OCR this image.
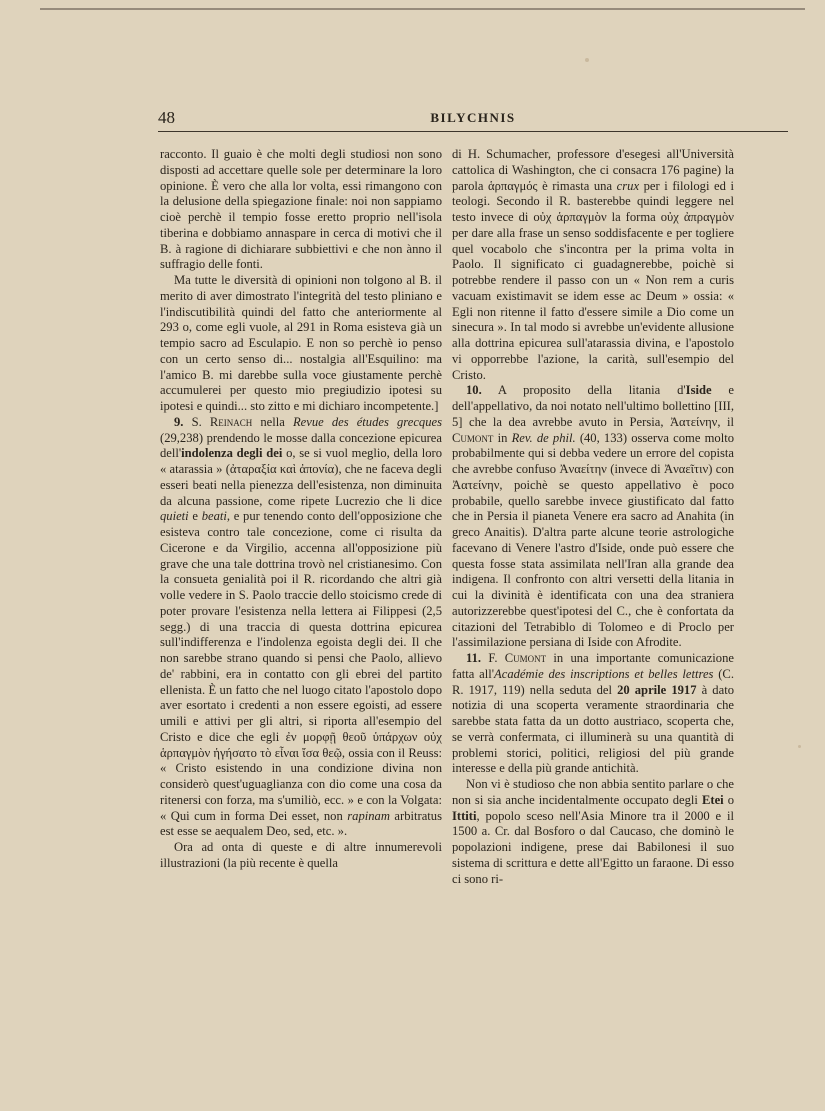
48	BILYCHNIS

racconto. Il guaio è che molti degli studiosi non sono disposti ad accettare quelle sole per determinare la loro opinione. È vero che alla lor volta, essi rimangono con la delusione della spiegazione finale: noi non sappiamo cioè perchè il tempio fosse eretto proprio nell'isola tiberina e dobbiamo annaspare in cerca di motivi che il B. à ragione di dichiarare subbiettivi e che non ànno il suffragio delle fonti.

Ma tutte le diversità di opinioni non tolgono al B. il merito di aver dimostrato l'integrità del testo pliniano e l'indiscutibilità quindi del fatto che anteriormente al 293 o, come egli vuole, al 291 in Roma esisteva già un tempio sacro ad Esculapio. E non so perchè io penso con un certo senso di... nostalgia all'Esquilino: ma l'amico B. mi darebbe sulla voce giustamente perchè accumulerei per questo mio pregiudizio ipotesi su ipotesi e quindi... sto zitto e mi dichiaro incompetente.]

9. S. Reinach nella Revue des études grecques (29,238) prendendo le mosse dalla concezione epicurea dell'indolenza degli dei o, se si vuol meglio, della loro « atarassia » (ἀταραξία καὶ ἀπονία), che ne faceva degli esseri beati nella pienezza dell'esistenza, non diminuita da alcuna passione, come ripete Lucrezio che li dice quieti e beati, e pur tenendo conto dell'opposizione che esisteva contro tale concezione, come ci risulta da Cicerone e da Virgilio, accenna all'opposizione più grave che una tale dottrina trovò nel cristianesimo. Con la consueta genialità poi il R. ricordando che altri già volle vedere in S. Paolo traccie dello stoicismo crede di poter provare l'esistenza nella lettera ai Filippesi (2,5 segg.) di una traccia di questa dottrina epicurea sull'indifferenza e l'indolenza egoista degli dei. Il che non sarebbe strano quando si pensi che Paolo, allievo de' rabbini, era in contatto con gli ebrei del partito ellenista. È un fatto che nel luogo citato l'apostolo dopo aver esortato i credenti a non essere egoisti, ad essere umili e attivi per gli altri, si riporta all'esempio del Cristo e dice che egli ἐν μορφῇ θεοῦ ὑπάρχων οὐχ ἁρπαγμὸν ἡγήσατο τὸ εἶναι ἴσα θεῷ, ossia con il Reuss: « Cristo esistendo in una condizione divina non considerò quest'uguaglianza con dio come una cosa da ritenersi con forza, ma s'umiliò, ecc. » e con la Volgata: « Qui cum in forma Dei esset, non rapinam arbitratus est esse se aequalem Deo, sed, etc. ».

Ora ad onta di queste e di altre innumerevoli illustrazioni (la più recente è quella

di H. Schumacher, professore d'esegesi all'Università cattolica di Washington, che ci consacra 176 pagine) la parola ἁρπαγμός è rimasta una crux per i filologi ed i teologi. Secondo il R. basterebbe quindi leggere nel testo invece di οὐχ ἁρπαγμὸν la forma οὐχ ἀπραγμὸν per dare alla frase un senso soddisfacente e per togliere quel vocabolo che s'incontra per la prima volta in Paolo. Il significato ci guadagnerebbe, poichè si potrebbe rendere il passo con un « Non rem a curis vacuam existimavit se idem esse ac Deum » ossia: « Egli non ritenne il fatto d'essere simile a Dio come un sinecura ». In tal modo si avrebbe un'evidente allusione alla dottrina epicurea sull'atarassia divina, e l'apostolo vi opporrebbe l'azione, la carità, sull'esempio del Cristo.

10. A proposito della litania d'Iside e dell'appellativo, da noi notato nell'ultimo bollettino [III, 5] che la dea avrebbe avuto in Persia, Ἀατείνην, il Cumont in Rev. de phil. (40, 133) osserva come molto probabilmente qui si debba vedere un errore del copista che avrebbe confuso Ἀναείτην (invece di Ἀναεῖτιν) con Ἀατείνην, poichè se questo appellativo è poco probabile, quello sarebbe invece giustificato dal fatto che in Persia il pianeta Venere era sacro ad Anahita (in greco Anaitis). D'altra parte alcune teorie astrologiche facevano di Venere l'astro d'Iside, onde può essere che questa fosse stata assimilata nell'Iran alla grande dea indigena. Il confronto con altri versetti della litania in cui la divinità è identificata con una dea straniera autorizzerebbe quest'ipotesi del C., che è confortata da citazioni del Tetrabiblo di Tolomeo e di Proclo per l'assimilazione persiana di Iside con Afrodite.

11. F. Cumont in una importante comunicazione fatta all'Académie des inscriptions et belles lettres (C. R. 1917, 119) nella seduta del 20 aprile 1917 à dato notizia di una scoperta veramente straordinaria che sarebbe stata fatta da un dotto austriaco, scoperta che, se verrà confermata, ci illuminerà su una quantità di problemi storici, politici, religiosi del più grande interesse e della più grande antichità.

Non vi è studioso che non abbia sentito parlare o che non si sia anche incidentalmente occupato degli Etei o Ittiti, popolo sceso nell'Asia Minore tra il 2000 e il 1500 a. Cr. dal Bosforo o dal Caucaso, che dominò le popolazioni indigene, prese dai Babilonesi il suo sistema di scrittura e dette all'Egitto un faraone. Di esso ci sono ri-
